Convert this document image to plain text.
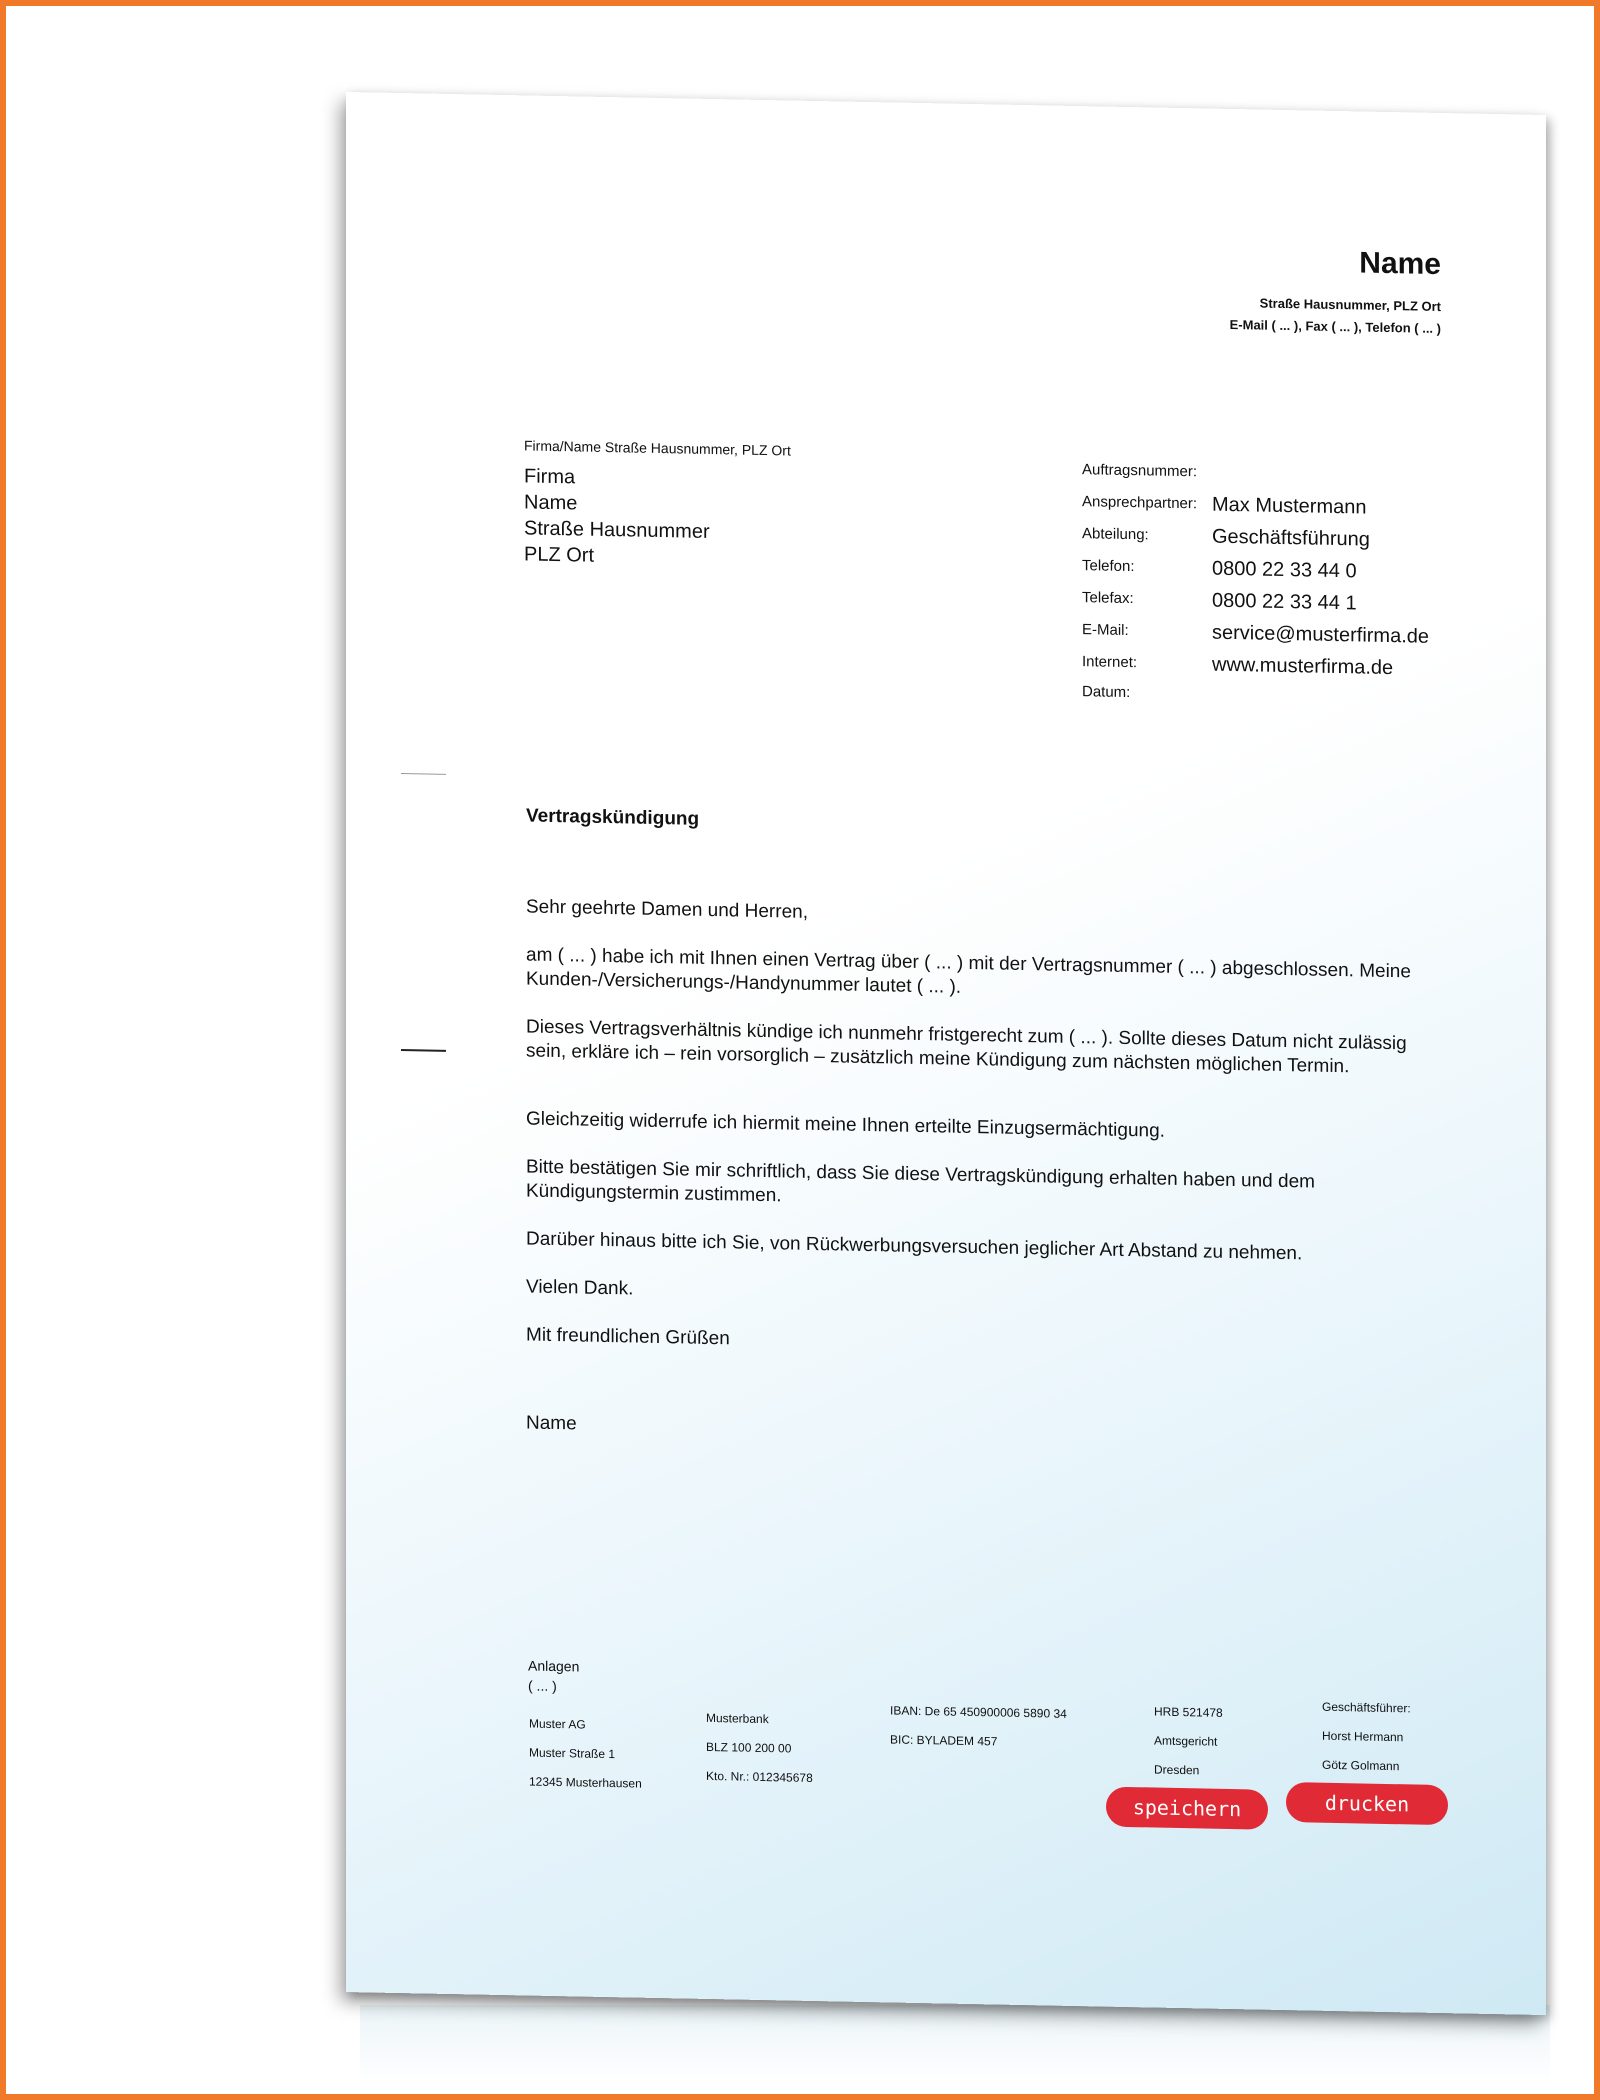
Name
Straße Hausnummer, PLZ Ort
E-Mail ( ... ), Fax ( ... ), Telefon ( ... )
Firma/Name Straße Hausnummer, PLZ Ort
Firma
Name
Straße Hausnummer
PLZ Ort
Auftragsnummer:
Ansprechpartner: Max Mustermann
Abteilung:	Geschäftsführung
Telefon:	0800 22 33 44 0
Telefax:	0800 22 33 44 1
E-Mail:	service@musterfirma.de
Internet:	www.musterfirma.de
Datum:
Vertragskündigung
Sehr geehrte Damen und Herren,
am ( ... ) habe ich mit Ihnen einen Vertrag über ( ... ) mit der Vertragsnummer ( ... ) abgeschlossen. Meine Kunden-/Versicherungs-/Handynummer lautet ( ... ).
Dieses Vertragsverhältnis kündige ich nunmehr fristgerecht zum ( ... ). Sollte dieses Datum nicht zulässig sein, erkläre ich – rein vorsorglich – zusätzlich meine Kündigung zum nächsten möglichen Termin.
Gleichzeitig widerrufe ich hiermit meine Ihnen erteilte Einzugsermächtigung.
Bitte bestätigen Sie mir schriftlich, dass Sie diese Vertragskündigung erhalten haben und dem Kündigungstermin zustimmen.
Darüber hinaus bitte ich Sie, von Rückwerbungsversuchen jeglicher Art Abstand zu nehmen.
Vielen Dank.
Mit freundlichen Grüßen
Name
Anlagen
( ... )
Muster AG
Muster Straße 1
12345 Musterhausen
Musterbank
BLZ 100 200 00
Kto. Nr.: 012345678
IBAN: De 65 450900006 5890 34
BIC: BYLADEM 457
HRB 521478
Amtsgericht
Dresden
Geschäftsführer:
Horst Hermann
Götz Golmann
speichern	drucken
